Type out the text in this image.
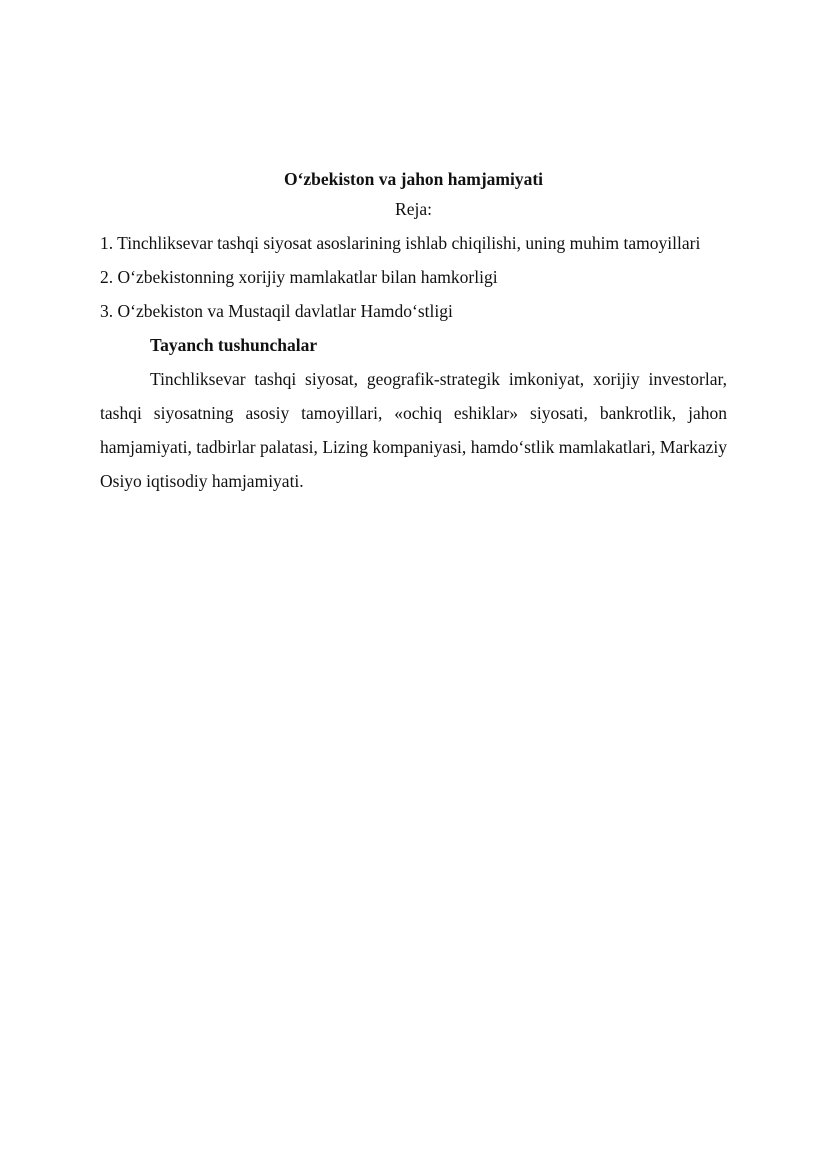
O‘zbekiston va jahon hamjamiyati

Reja:

1. Tinchliksevar tashqi siyosat asoslarining ishlab chiqilishi, uning muhim tamoyillari
2. O‘zbekistonning xorijiy mamlakatlar bilan hamkorligi
3. O‘zbekiston va Mustaqil davlatlar Hamdo‘stligi

Tayanch tushunchalar

Tinchliksevar tashqi siyosat, geografik-strategik imkoniyat, xorijiy investorlar, tashqi siyosatning asosiy tamoyillari, «ochiq eshiklar» siyosati, bankrotlik, jahon hamjamiyati, tadbirlar palatasi, Lizing kompaniyasi, hamdo‘stlik mamlakatlari, Markaziy Osiyo iqtisodiy hamjamiyati.
